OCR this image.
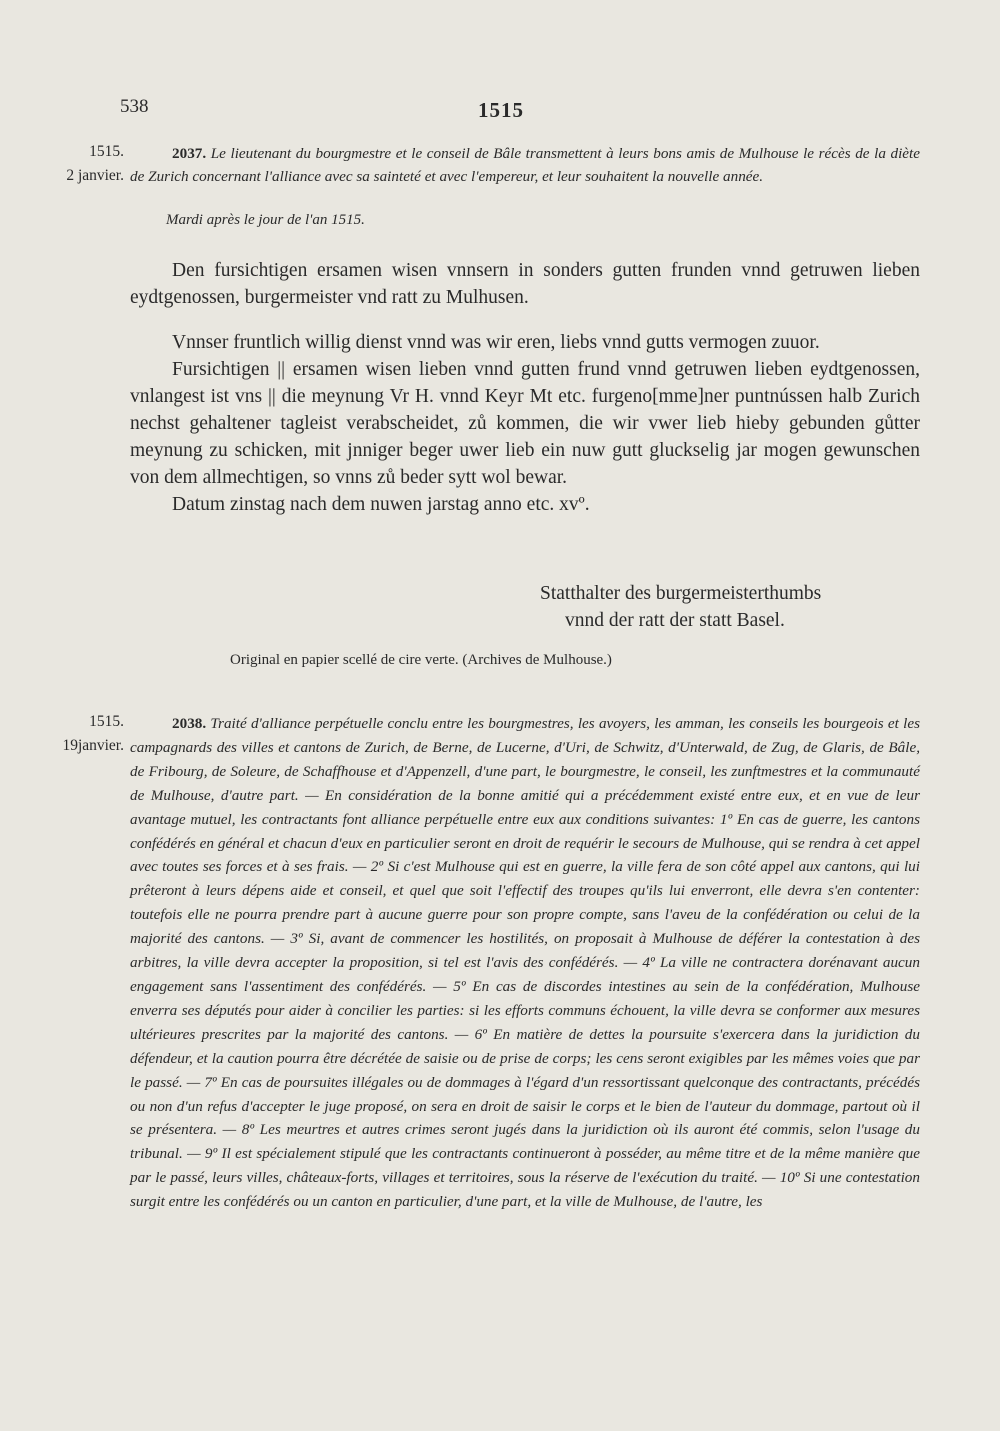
538	1515
1515.
2 janvier.
2037. Le lieutenant du bourgmestre et le conseil de Bâle transmettent à leurs bons amis de Mulhouse le récès de la diète de Zurich concernant l'alliance avec sa sainteté et avec l'empereur, et leur souhaitent la nouvelle année.
Mardi après le jour de l'an 1515.

Den fursichtigen ersamen wisen vnnsern in sonders gutten frunden vnnd getruwen lieben eydtgenossen, burgermeister vnd ratt zu Mulhusen.

Vnnser fruntlich willig dienst vnnd was wir eren, liebs vnnd gutts vermogen zuuor.

Fursichtigen || ersamen wisen lieben vnnd gutten frund vnnd getruwen lieben eydtgenossen, vnlangest ist vns || die meynung Vr H. vnnd Keyr Mt etc. furgeno[mme]ner puntnússen halb Zurich nechst gehaltener tagleist verabscheidet, zů kommen, die wir vwer lieb hieby gebunden gůtter meynung zu schicken, mit jnniger beger uwer lieb ein nuw gutt gluckselig jar mogen gewunschen von dem allmechtigen, so vnns zů beder sytt wol bewar.

Datum zinstag nach dem nuwen jarstag anno etc. xvº.

Statthalter des burgermeisterthumbs
vnnd der ratt der statt Basel.
Original en papier scellé de cire verte. (Archives de Mulhouse.)
1515.
19janvier.
2038. Traité d'alliance perpétuelle conclu entre les bourgmestres, les avoyers, les amman, les conseils les bourgeois et les campagnards des villes et cantons de Zurich, de Berne, de Lucerne, d'Uri, de Schwitz, d'Unterwald, de Zug, de Glaris, de Bâle, de Fribourg, de Soleure, de Schaffhouse et d'Appenzell, d'une part, le bourgmestre, le conseil, les zunftmestres et la communauté de Mulhouse, d'autre part. — En considération de la bonne amitié qui a précédemment existé entre eux, et en vue de leur avantage mutuel, les contractants font alliance perpétuelle entre eux aux conditions suivantes: 1º En cas de guerre, les cantons confédérés en général et chacun d'eux en particulier seront en droit de requérir le secours de Mulhouse, qui se rendra à cet appel avec toutes ses forces et à ses frais. — 2º Si c'est Mulhouse qui est en guerre, la ville fera de son côté appel aux cantons, qui lui prêteront à leurs dépens aide et conseil, et quel que soit l'effectif des troupes qu'ils lui enverront, elle devra s'en contenter: toutefois elle ne pourra prendre part à aucune guerre pour son propre compte, sans l'aveu de la confédération ou celui de la majorité des cantons. — 3º Si, avant de commencer les hostilités, on proposait à Mulhouse de déférer la contestation à des arbitres, la ville devra accepter la proposition, si tel est l'avis des confédérés. — 4º La ville ne contractera dorénavant aucun engagement sans l'assentiment des confédérés. — 5º En cas de discordes intestines au sein de la confédération, Mulhouse enverra ses députés pour aider à concilier les parties: si les efforts communs échouent, la ville devra se conformer aux mesures ultérieures prescrites par la majorité des cantons. — 6º En matière de dettes la poursuite s'exercera dans la juridiction du défendeur, et la caution pourra être décrétée de saisie ou de prise de corps; les cens seront exigibles par les mêmes voies que par le passé. — 7º En cas de poursuites illégales ou de dommages à l'égard d'un ressortissant quelconque des contractants, précédés ou non d'un refus d'accepter le juge proposé, on sera en droit de saisir le corps et le bien de l'auteur du dommage, partout où il se présentera. — 8º Les meurtres et autres crimes seront jugés dans la juridiction où ils auront été commis, selon l'usage du tribunal. — 9º Il est spécialement stipulé que les contractants continueront à posséder, au même titre et de la même manière que par le passé, leurs villes, châteaux-forts, villages et territoires, sous la réserve de l'exécution du traité. — 10º Si une contestation surgit entre les confédérés ou un canton en particulier, d'une part, et la ville de Mulhouse, de l'autre, les
